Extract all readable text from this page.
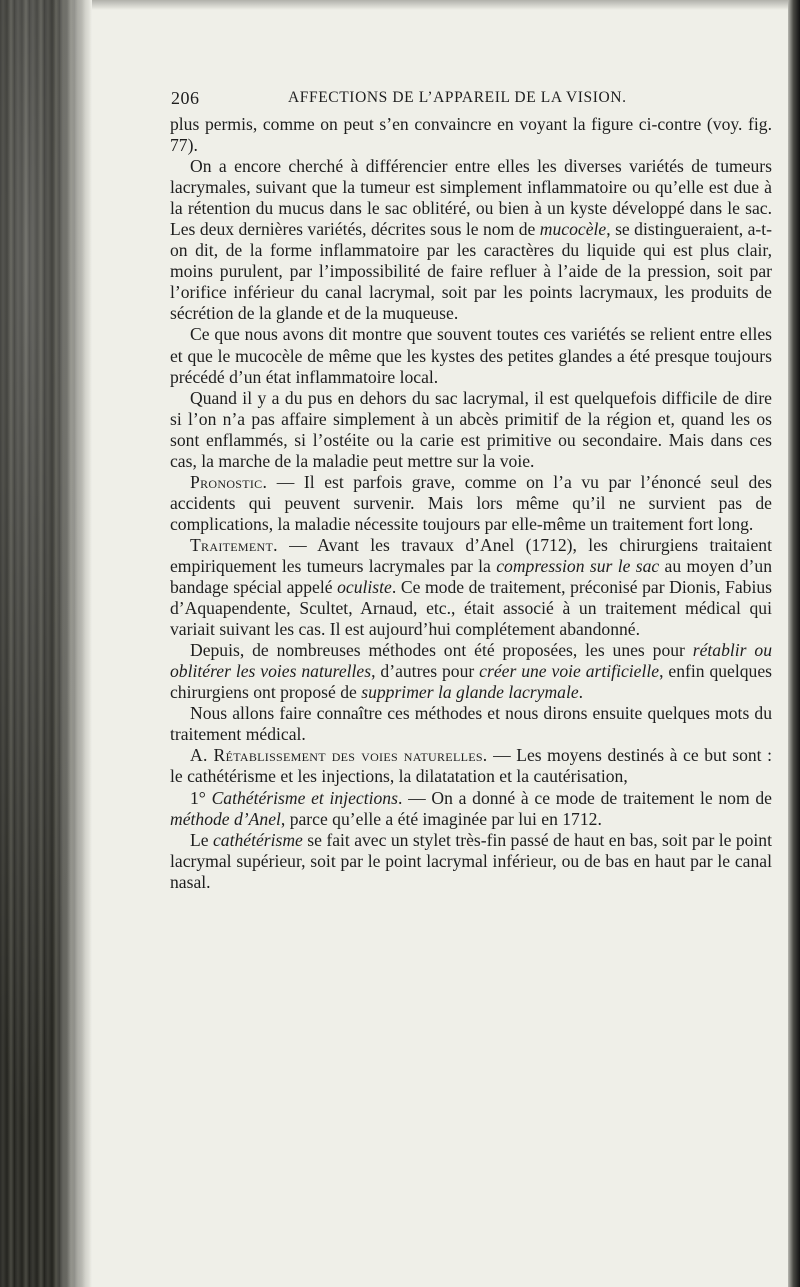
206	AFFECTIONS DE L’APPAREIL DE LA VISION.

plus permis, comme on peut s’en convaincre en voyant la figure ci-contre (voy. fig. 77).

On a encore cherché à différencier entre elles les diverses variétés de tumeurs lacrymales, suivant que la tumeur est simplement inflammatoire ou qu’elle est due à la rétention du mucus dans le sac oblitéré, ou bien à un kyste développé dans le sac. Les deux dernières variétés, décrites sous le nom de mucocèle, se distingueraient, a-t-on dit, de la forme inflammatoire par les caractères du liquide qui est plus clair, moins purulent, par l’impossibilité de faire refluer à l’aide de la pression, soit par l’orifice inférieur du canal lacrymal, soit par les points lacrymaux, les produits de sécrétion de la glande et de la muqueuse.

Ce que nous avons dit montre que souvent toutes ces variétés se relient entre elles et que le mucocèle de même que les kystes des petites glandes a été presque toujours précédé d’un état inflammatoire local.

Quand il y a du pus en dehors du sac lacrymal, il est quelquefois difficile de dire si l’on n’a pas affaire simplement à un abcès primitif de la région et, quand les os sont enflammés, si l’ostéite ou la carie est primitive ou secondaire. Mais dans ces cas, la marche de la maladie peut mettre sur la voie.

Pronostic. — Il est parfois grave, comme on l’a vu par l’énoncé seul des accidents qui peuvent survenir. Mais lors même qu’il ne survient pas de complications, la maladie nécessite toujours par elle-même un traitement fort long.

Traitement. — Avant les travaux d’Anel (1712), les chirurgiens traitaient empiriquement les tumeurs lacrymales par la compression sur le sac au moyen d’un bandage spécial appelé oculiste. Ce mode de traitement, préconisé par Dionis, Fabius d’Aquapendente, Scultet, Arnaud, etc., était associé à un traitement médical qui variait suivant les cas. Il est aujourd’hui complétement abandonné.

Depuis, de nombreuses méthodes ont été proposées, les unes pour rétablir ou oblitérer les voies naturelles, d’autres pour créer une voie artificielle, enfin quelques chirurgiens ont proposé de supprimer la glande lacrymale.

Nous allons faire connaître ces méthodes et nous dirons ensuite quelques mots du traitement médical.

A. Rétablissement des voies naturelles. — Les moyens destinés à ce but sont : le cathétérisme et les injections, la dilatatation et la cautérisation,

1° Cathétérisme et injections. — On a donné à ce mode de traitement le nom de méthode d’Anel, parce qu’elle a été imaginée par lui en 1712.

Le cathétérisme se fait avec un stylet très-fin passé de haut en bas, soit par le point lacrymal supérieur, soit par le point lacrymal inférieur, ou de bas en haut par le canal nasal.
